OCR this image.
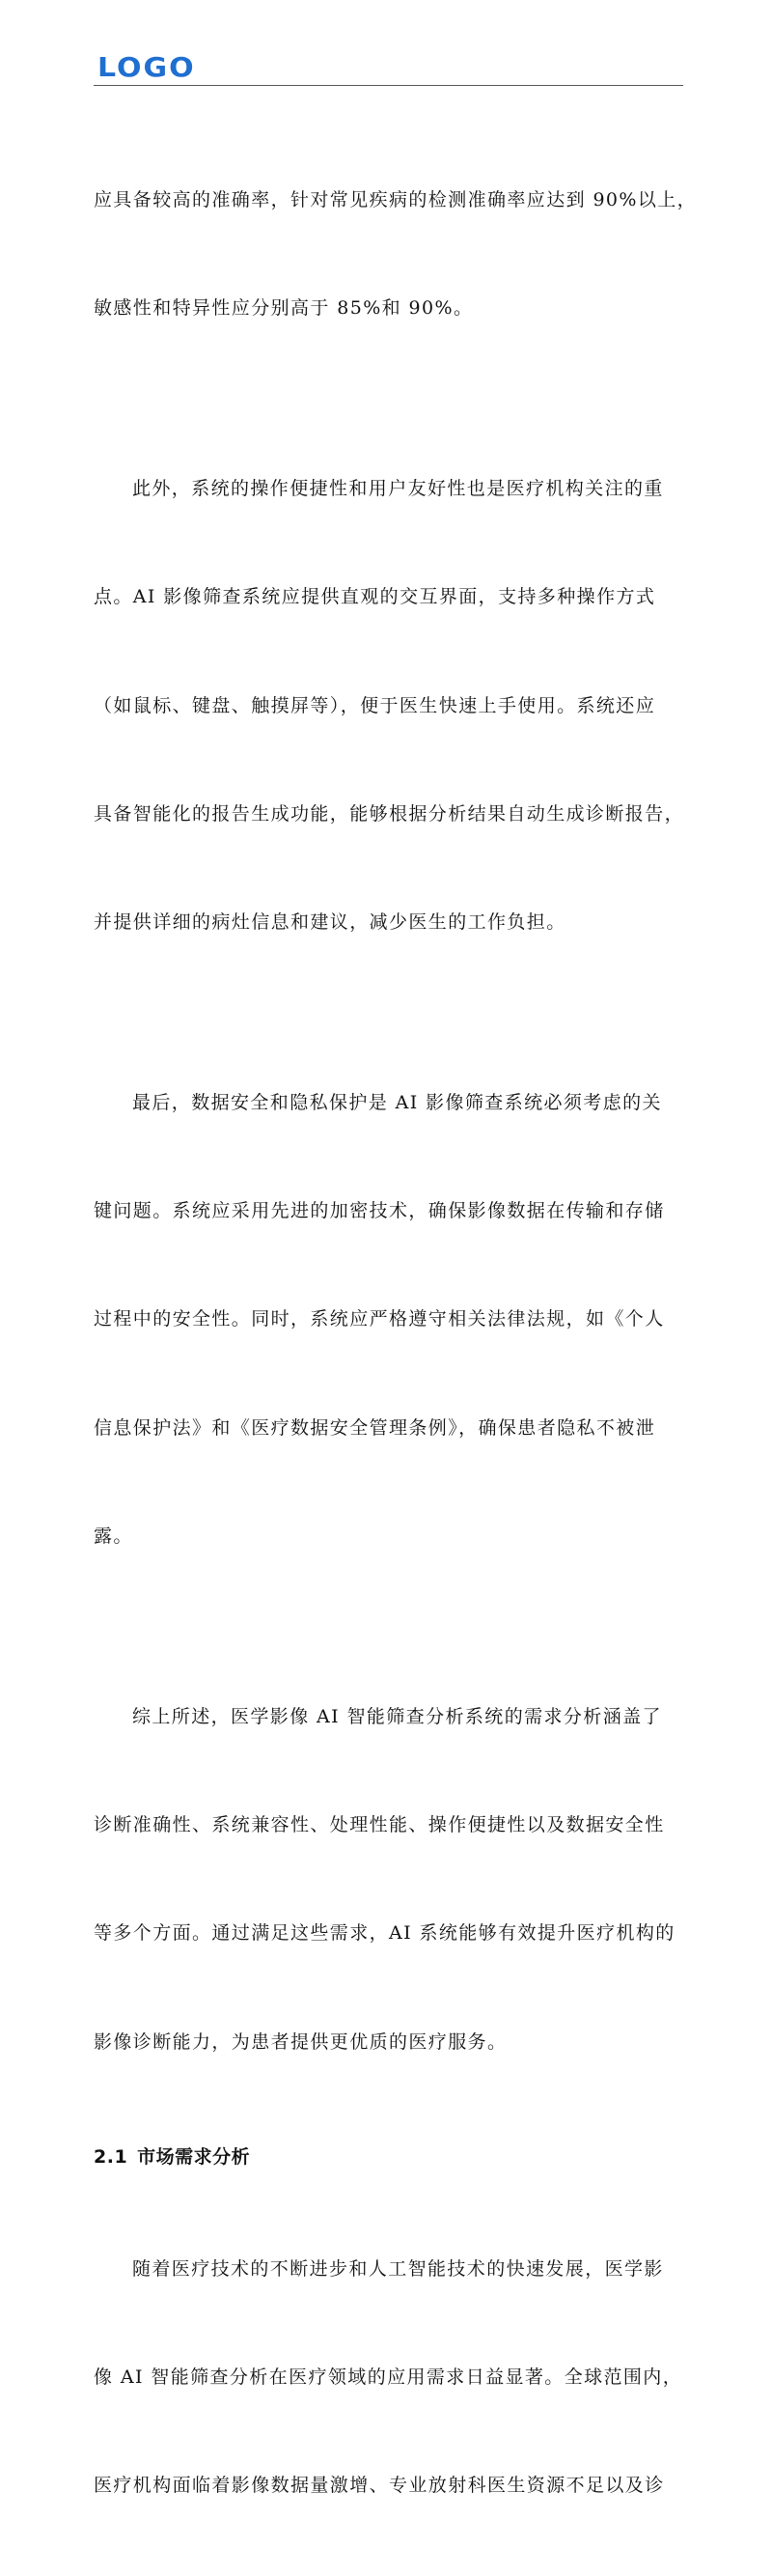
LOGO

应具备较高的准确率，针对常见疾病的检测准确率应达到 90%以上，

敏感性和特异性应分别高于 85%和 90%。

此外，系统的操作便捷性和用户友好性也是医疗机构关注的重

点。AI 影像筛查系统应提供直观的交互界面，支持多种操作方式

（如鼠标、键盘、触摸屏等），便于医生快速上手使用。系统还应

具备智能化的报告生成功能，能够根据分析结果自动生成诊断报告，

并提供详细的病灶信息和建议，减少医生的工作负担。

最后，数据安全和隐私保护是 AI 影像筛查系统必须考虑的关

键问题。系统应采用先进的加密技术，确保影像数据在传输和存储

过程中的安全性。同时，系统应严格遵守相关法律法规，如《个人

信息保护法》和《医疗数据安全管理条例》，确保患者隐私不被泄

露。

综上所述，医学影像 AI 智能筛查分析系统的需求分析涵盖了

诊断准确性、系统兼容性、处理性能、操作便捷性以及数据安全性

等多个方面。通过满足这些需求，AI 系统能够有效提升医疗机构的

影像诊断能力，为患者提供更优质的医疗服务。

2.1 市场需求分析

随着医疗技术的不断进步和人工智能技术的快速发展，医学影

像 AI 智能筛查分析在医疗领域的应用需求日益显著。全球范围内，

医疗机构面临着影像数据量激增、专业放射科医生资源不足以及诊
